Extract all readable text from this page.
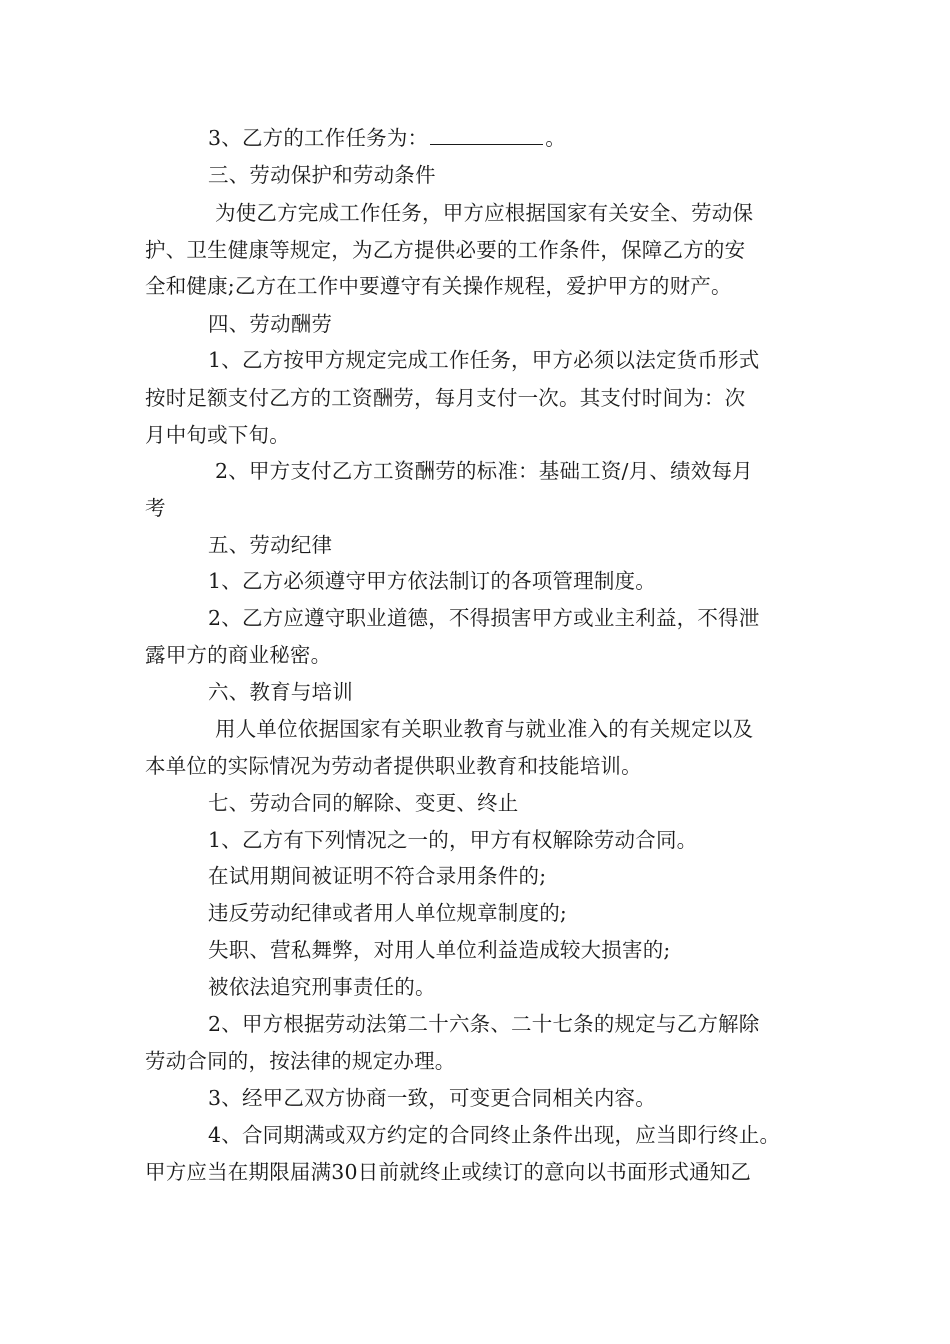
3、乙方的工作任务为：	。
三、劳动保护和劳动条件
为使乙方完成工作任务，甲方应根据国家有关安全、劳动保
护、卫生健康等规定，为乙方提供必要的工作条件，保障乙方的安
全和健康;乙方在工作中要遵守有关操作规程，爱护甲方的财产。
四、劳动酬劳
1、乙方按甲方规定完成工作任务，甲方必须以法定货币形式
按时足额支付乙方的工资酬劳，每月支付一次。其支付时间为：次
月中旬或下旬。
2、甲方支付乙方工资酬劳的标准：基础工资/月、绩效每月
考
五、劳动纪律
1、乙方必须遵守甲方依法制订的各项管理制度。
2、乙方应遵守职业道德，不得损害甲方或业主利益，不得泄
露甲方的商业秘密。
六、教育与培训
用人单位依据国家有关职业教育与就业准入的有关规定以及
本单位的实际情况为劳动者提供职业教育和技能培训。
七、劳动合同的解除、变更、终止
1、乙方有下列情况之一的，甲方有权解除劳动合同。
在试用期间被证明不符合录用条件的;
违反劳动纪律或者用人单位规章制度的;
失职、营私舞弊，对用人单位利益造成较大损害的;
被依法追究刑事责任的。
2、甲方根据劳动法第二十六条、二十七条的规定与乙方解除
劳动合同的，按法律的规定办理。
3、经甲乙双方协商一致，可变更合同相关内容。
4、合同期满或双方约定的合同终止条件出现，应当即行终止。
甲方应当在期限届满30日前就终止或续订的意向以书面形式通知乙
